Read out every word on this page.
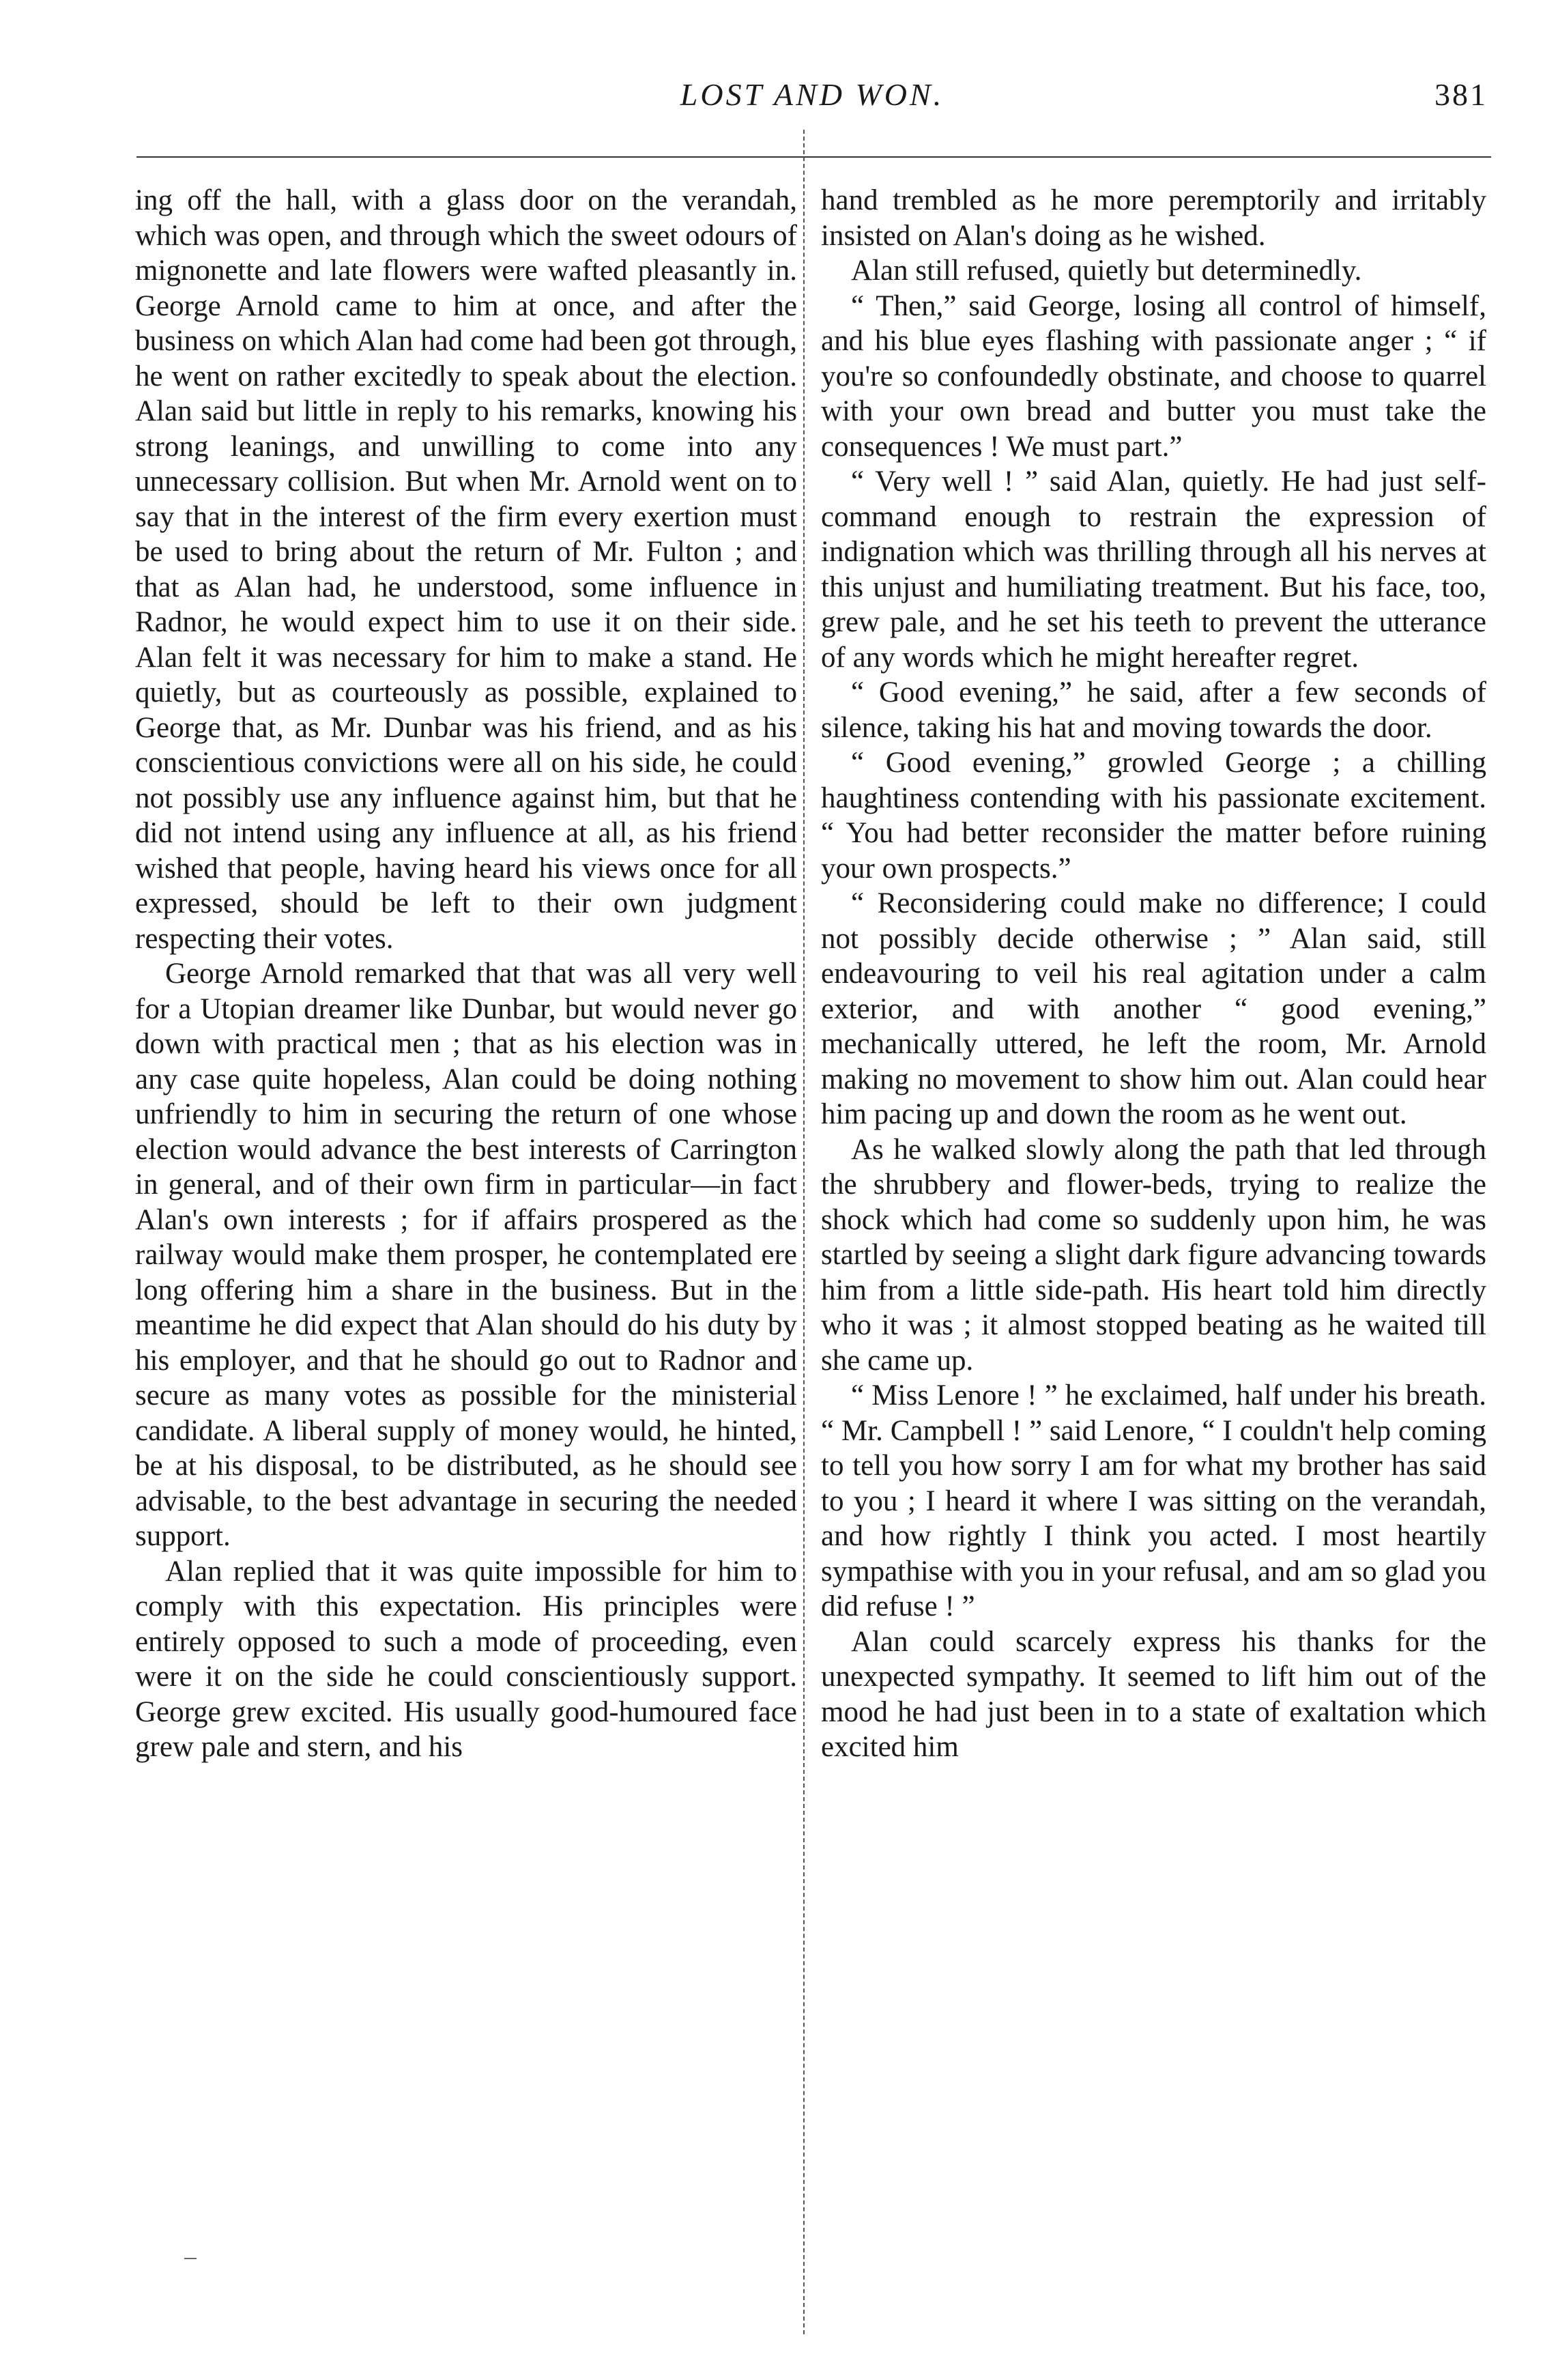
LOST AND WON.	381

ing off the hall, with a glass door on the verandah, which was open, and through which the sweet odours of mignonette and late flowers were wafted pleasantly in. George Arnold came to him at once, and after the business on which Alan had come had been got through, he went on rather excitedly to speak about the election. Alan said but little in reply to his remarks, knowing his strong leanings, and unwilling to come into any unnecessary collision. But when Mr. Arnold went on to say that in the interest of the firm every exertion must be used to bring about the return of Mr. Fulton ; and that as Alan had, he understood, some influence in Radnor, he would expect him to use it on their side. Alan felt it was necessary for him to make a stand. He quietly, but as courteously as possible, explained to George that, as Mr. Dunbar was his friend, and as his conscientious convictions were all on his side, he could not possibly use any influence against him, but that he did not intend using any influence at all, as his friend wished that people, having heard his views once for all expressed, should be left to their own judgment respecting their votes.

George Arnold remarked that that was all very well for a Utopian dreamer like Dunbar, but would never go down with practical men ; that as his election was in any case quite hopeless, Alan could be doing nothing unfriendly to him in securing the return of one whose election would advance the best interests of Carrington in general, and of their own firm in particular—in fact Alan's own interests ; for if affairs prospered as the railway would make them prosper, he contemplated ere long offering him a share in the business. But in the meantime he did expect that Alan should do his duty by his employer, and that he should go out to Radnor and secure as many votes as possible for the ministerial candidate. A liberal supply of money would, he hinted, be at his disposal, to be distributed, as he should see advisable, to the best advantage in securing the needed support.

Alan replied that it was quite impossible for him to comply with this expectation. His principles were entirely opposed to such a mode of proceeding, even were it on the side he could conscientiously support. George grew excited. His usually good-humoured face grew pale and stern, and his

hand trembled as he more peremptorily and irritably insisted on Alan's doing as he wished.

Alan still refused, quietly but determinedly.

“ Then,” said George, losing all control of himself, and his blue eyes flashing with passionate anger ; “ if you're so confoundedly obstinate, and choose to quarrel with your own bread and butter you must take the consequences ! We must part.”

“ Very well ! ” said Alan, quietly. He had just self-command enough to restrain the expression of indignation which was thrilling through all his nerves at this unjust and humiliating treatment. But his face, too, grew pale, and he set his teeth to prevent the utterance of any words which he might hereafter regret.

“ Good evening,” he said, after a few seconds of silence, taking his hat and moving towards the door.

“ Good evening,” growled George ; a chilling haughtiness contending with his passionate excitement. “ You had better reconsider the matter before ruining your own prospects.”

“ Reconsidering could make no difference; I could not possibly decide otherwise ; ” Alan said, still endeavouring to veil his real agitation under a calm exterior, and with another “ good evening,” mechanically uttered, he left the room, Mr. Arnold making no movement to show him out. Alan could hear him pacing up and down the room as he went out.

As he walked slowly along the path that led through the shrubbery and flower-beds, trying to realize the shock which had come so suddenly upon him, he was startled by seeing a slight dark figure advancing towards him from a little side-path. His heart told him directly who it was ; it almost stopped beating as he waited till she came up.

“ Miss Lenore ! ” he exclaimed, half under his breath. “ Mr. Campbell ! ” said Lenore, “ I couldn't help coming to tell you how sorry I am for what my brother has said to you ; I heard it where I was sitting on the verandah, and how rightly I think you acted. I most heartily sympathise with you in your refusal, and am so glad you did refuse ! ”

Alan could scarcely express his thanks for the unexpected sympathy. It seemed to lift him out of the mood he had just been in to a state of exaltation which excited him
